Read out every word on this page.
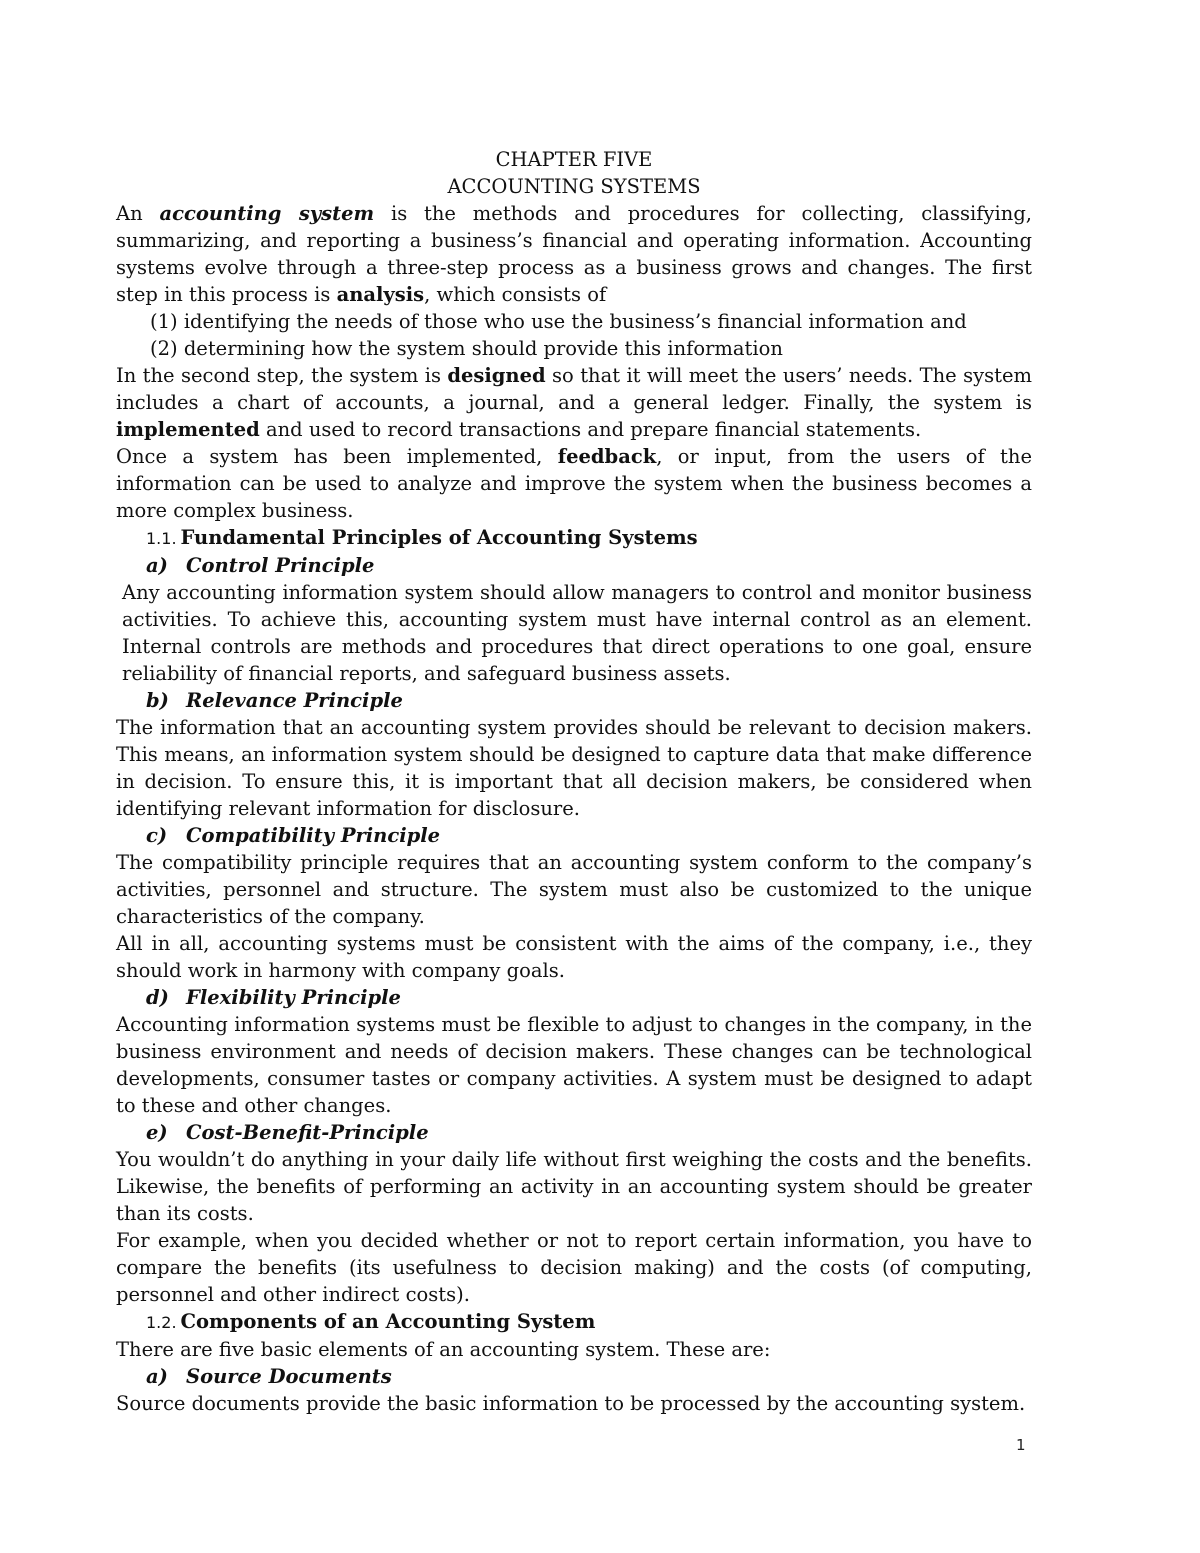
CHAPTER FIVE

ACCOUNTING SYSTEMS

An accounting system is the methods and procedures for collecting, classifying, summarizing, and reporting a business’s financial and operating information. Accounting systems evolve through a three-step process as a business grows and changes. The first step in this process is analysis, which consists of

(1) identifying the needs of those who use the business’s financial information and

(2) determining how the system should provide this information

In the second step, the system is designed so that it will meet the users’ needs. The system includes a chart of accounts, a journal, and a general ledger. Finally, the system is implemented and used to record transactions and prepare financial statements.

Once a system has been implemented, feedback, or input, from the users of the information can be used to analyze and improve the system when the business becomes a more complex business.

1.1. Fundamental Principles of Accounting Systems

a) Control Principle

Any accounting information system should allow managers to control and monitor business activities. To achieve this, accounting system must have internal control as an element. Internal controls are methods and procedures that direct operations to one goal, ensure reliability of financial reports, and safeguard business assets.

b) Relevance Principle

The information that an accounting system provides should be relevant to decision makers. This means, an information system should be designed to capture data that make difference in decision. To ensure this, it is important that all decision makers, be considered when identifying relevant information for disclosure.

c) Compatibility Principle

The compatibility principle requires that an accounting system conform to the company’s activities, personnel and structure. The system must also be customized to the unique characteristics of the company.

All in all, accounting systems must be consistent with the aims of the company, i.e., they should work in harmony with company goals.

d) Flexibility Principle

Accounting information systems must be flexible to adjust to changes in the company, in the business environment and needs of decision makers. These changes can be technological developments, consumer tastes or company activities. A system must be designed to adapt to these and other changes.

e) Cost-Benefit-Principle

You wouldn’t do anything in your daily life without first weighing the costs and the benefits. Likewise, the benefits of performing an activity in an accounting system should be greater than its costs.

For example, when you decided whether or not to report certain information, you have to compare the benefits (its usefulness to decision making) and the costs (of computing, personnel and other indirect costs).

1.2. Components of an Accounting System

There are five basic elements of an accounting system. These are:

a) Source Documents

Source documents provide the basic information to be processed by the accounting system.

1
